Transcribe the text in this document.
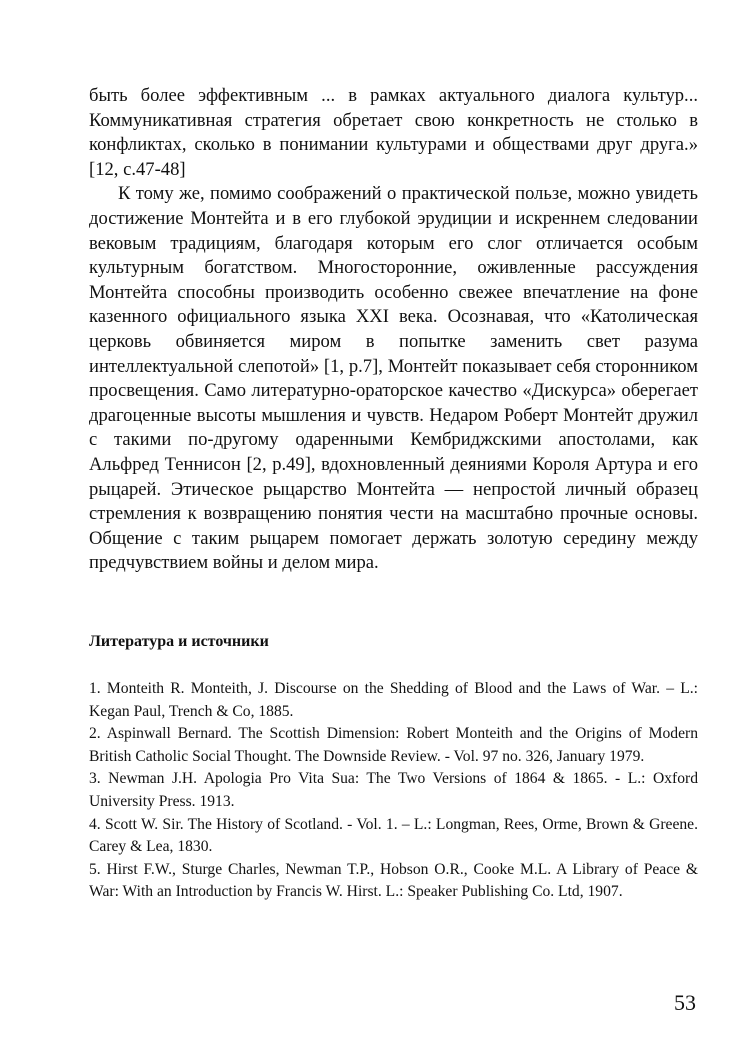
быть более эффективным ... в рамках актуального диалога культур... Коммуникативная стратегия обретает свою конкретность не столько в конфликтах, сколько в понимании культурами и обществами друг друга.» [12, с.47-48]

К тому же, помимо соображений о практической пользе, можно увидеть достижение Монтейта и в его глубокой эрудиции и искреннем следовании вековым традициям, благодаря которым его слог отличается особым культурным богатством. Многосторонние, оживленные рассуждения Монтейта способны производить особенно свежее впечатление на фоне казенного официального языка XXI века. Осознавая, что «Католическая церковь обвиняется миром в попытке заменить свет разума интеллектуальной слепотой» [1, p.7], Монтейт показывает себя сторонником просвещения. Само литературно-ораторское качество «Дискурса» оберегает драгоценные высоты мышления и чувств. Недаром Роберт Монтейт дружил с такими по-другому одаренными Кембриджскими апостолами, как Альфред Теннисон [2, p.49], вдохновленный деяниями Короля Артура и его рыцарей. Этическое рыцарство Монтейта — непростой личный образец стремления к возвращению понятия чести на масштабно прочные основы. Общение с таким рыцарем помогает держать золотую середину между предчувствием войны и делом мира.

Литература и источники

1. Monteith R. Monteith, J. Discourse on the Shedding of Blood and the Laws of War. – L.: Kegan Paul, Trench & Co, 1885.

2. Aspinwall Bernard. The Scottish Dimension: Robert Monteith and the Origins of Modern British Catholic Social Thought. The Downside Review. - Vol. 97 no. 326, January 1979.

3. Newman J.H. Apologia Pro Vita Sua: The Two Versions of 1864 & 1865. - L.: Oxford University Press. 1913.

4. Scott W. Sir. The History of Scotland. - Vol. 1. – L.: Longman, Rees, Orme, Brown & Greene. Carey & Lea, 1830.

5. Hirst F.W., Sturge Charles, Newman T.P., Hobson O.R., Cooke M.L. A Library of Peace & War: With an Introduction by Francis W. Hirst. L.: Speaker Publishing Co. Ltd, 1907.

53
